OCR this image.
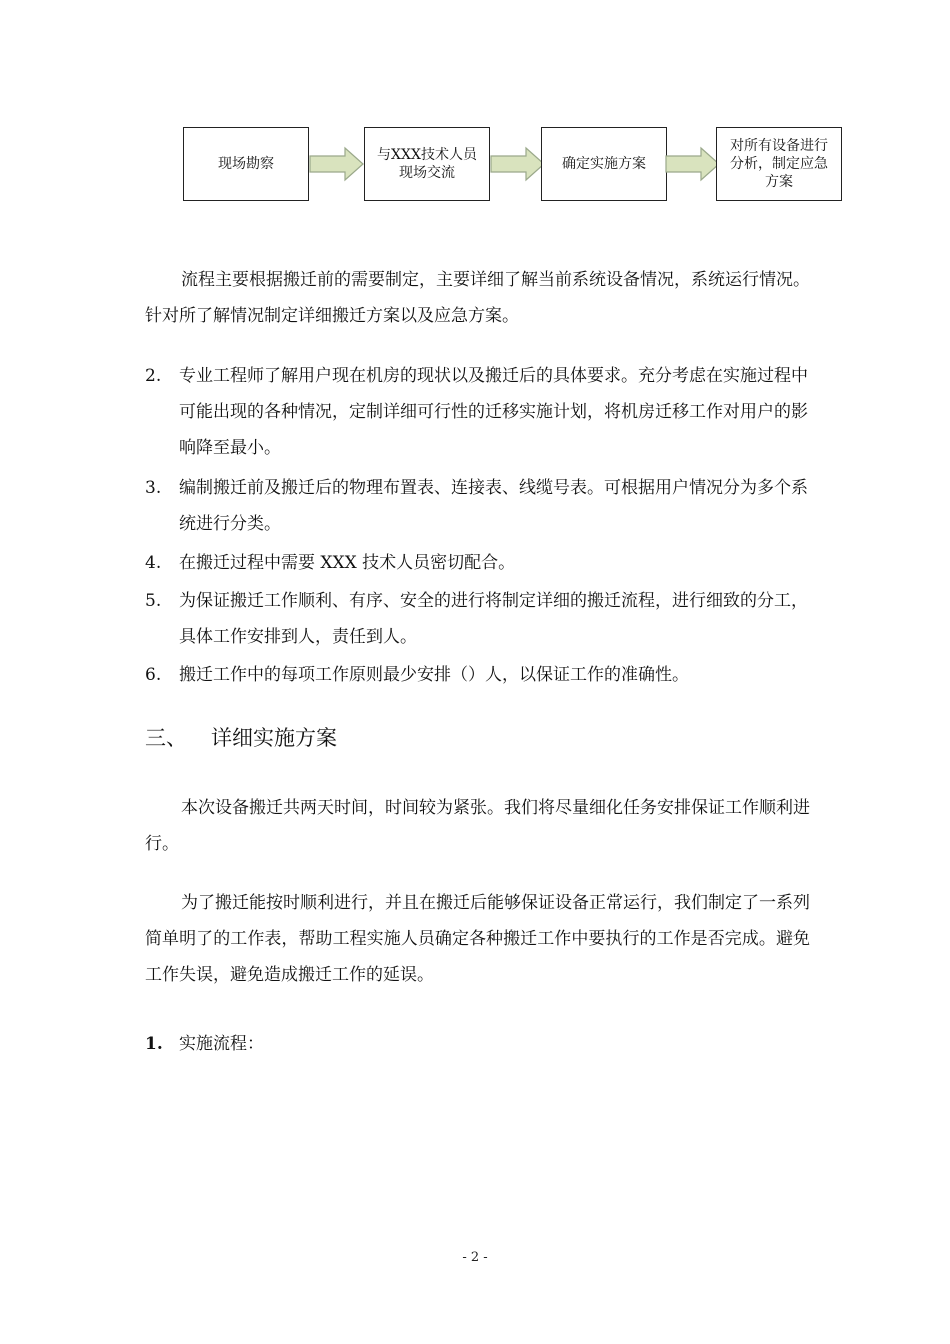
现场勘察
与XXX技术人员
现场交流
确定实施方案
对所有设备进行
分析，制定应急
方案

流程主要根据搬迁前的需要制定，主要详细了解当前系统设备情况，系统运行情况。针对所了解情况制定详细搬迁方案以及应急方案。

2.	专业工程师了解用户现在机房的现状以及搬迁后的具体要求。充分考虑在实施过程中可能出现的各种情况，定制详细可行性的迁移实施计划，将机房迁移工作对用户的影响降至最小。
3.	编制搬迁前及搬迁后的物理布置表、连接表、线缆号表。可根据用户情况分为多个系统进行分类。
4.	在搬迁过程中需要 XXX 技术人员密切配合。
5.	为保证搬迁工作顺利、有序、安全的进行将制定详细的搬迁流程，进行细致的分工，具体工作安排到人，责任到人。
6.	搬迁工作中的每项工作原则最少安排（）人，以保证工作的准确性。
三、 详细实施方案

本次设备搬迁共两天时间，时间较为紧张。我们将尽量细化任务安排保证工作顺利进行。

为了搬迁能按时顺利进行，并且在搬迁后能够保证设备正常运行，我们制定了一系列简单明了的工作表，帮助工程实施人员确定各种搬迁工作中要执行的工作是否完成。避免工作失误，避免造成搬迁工作的延误。

1. 实施流程：
- 2 -
